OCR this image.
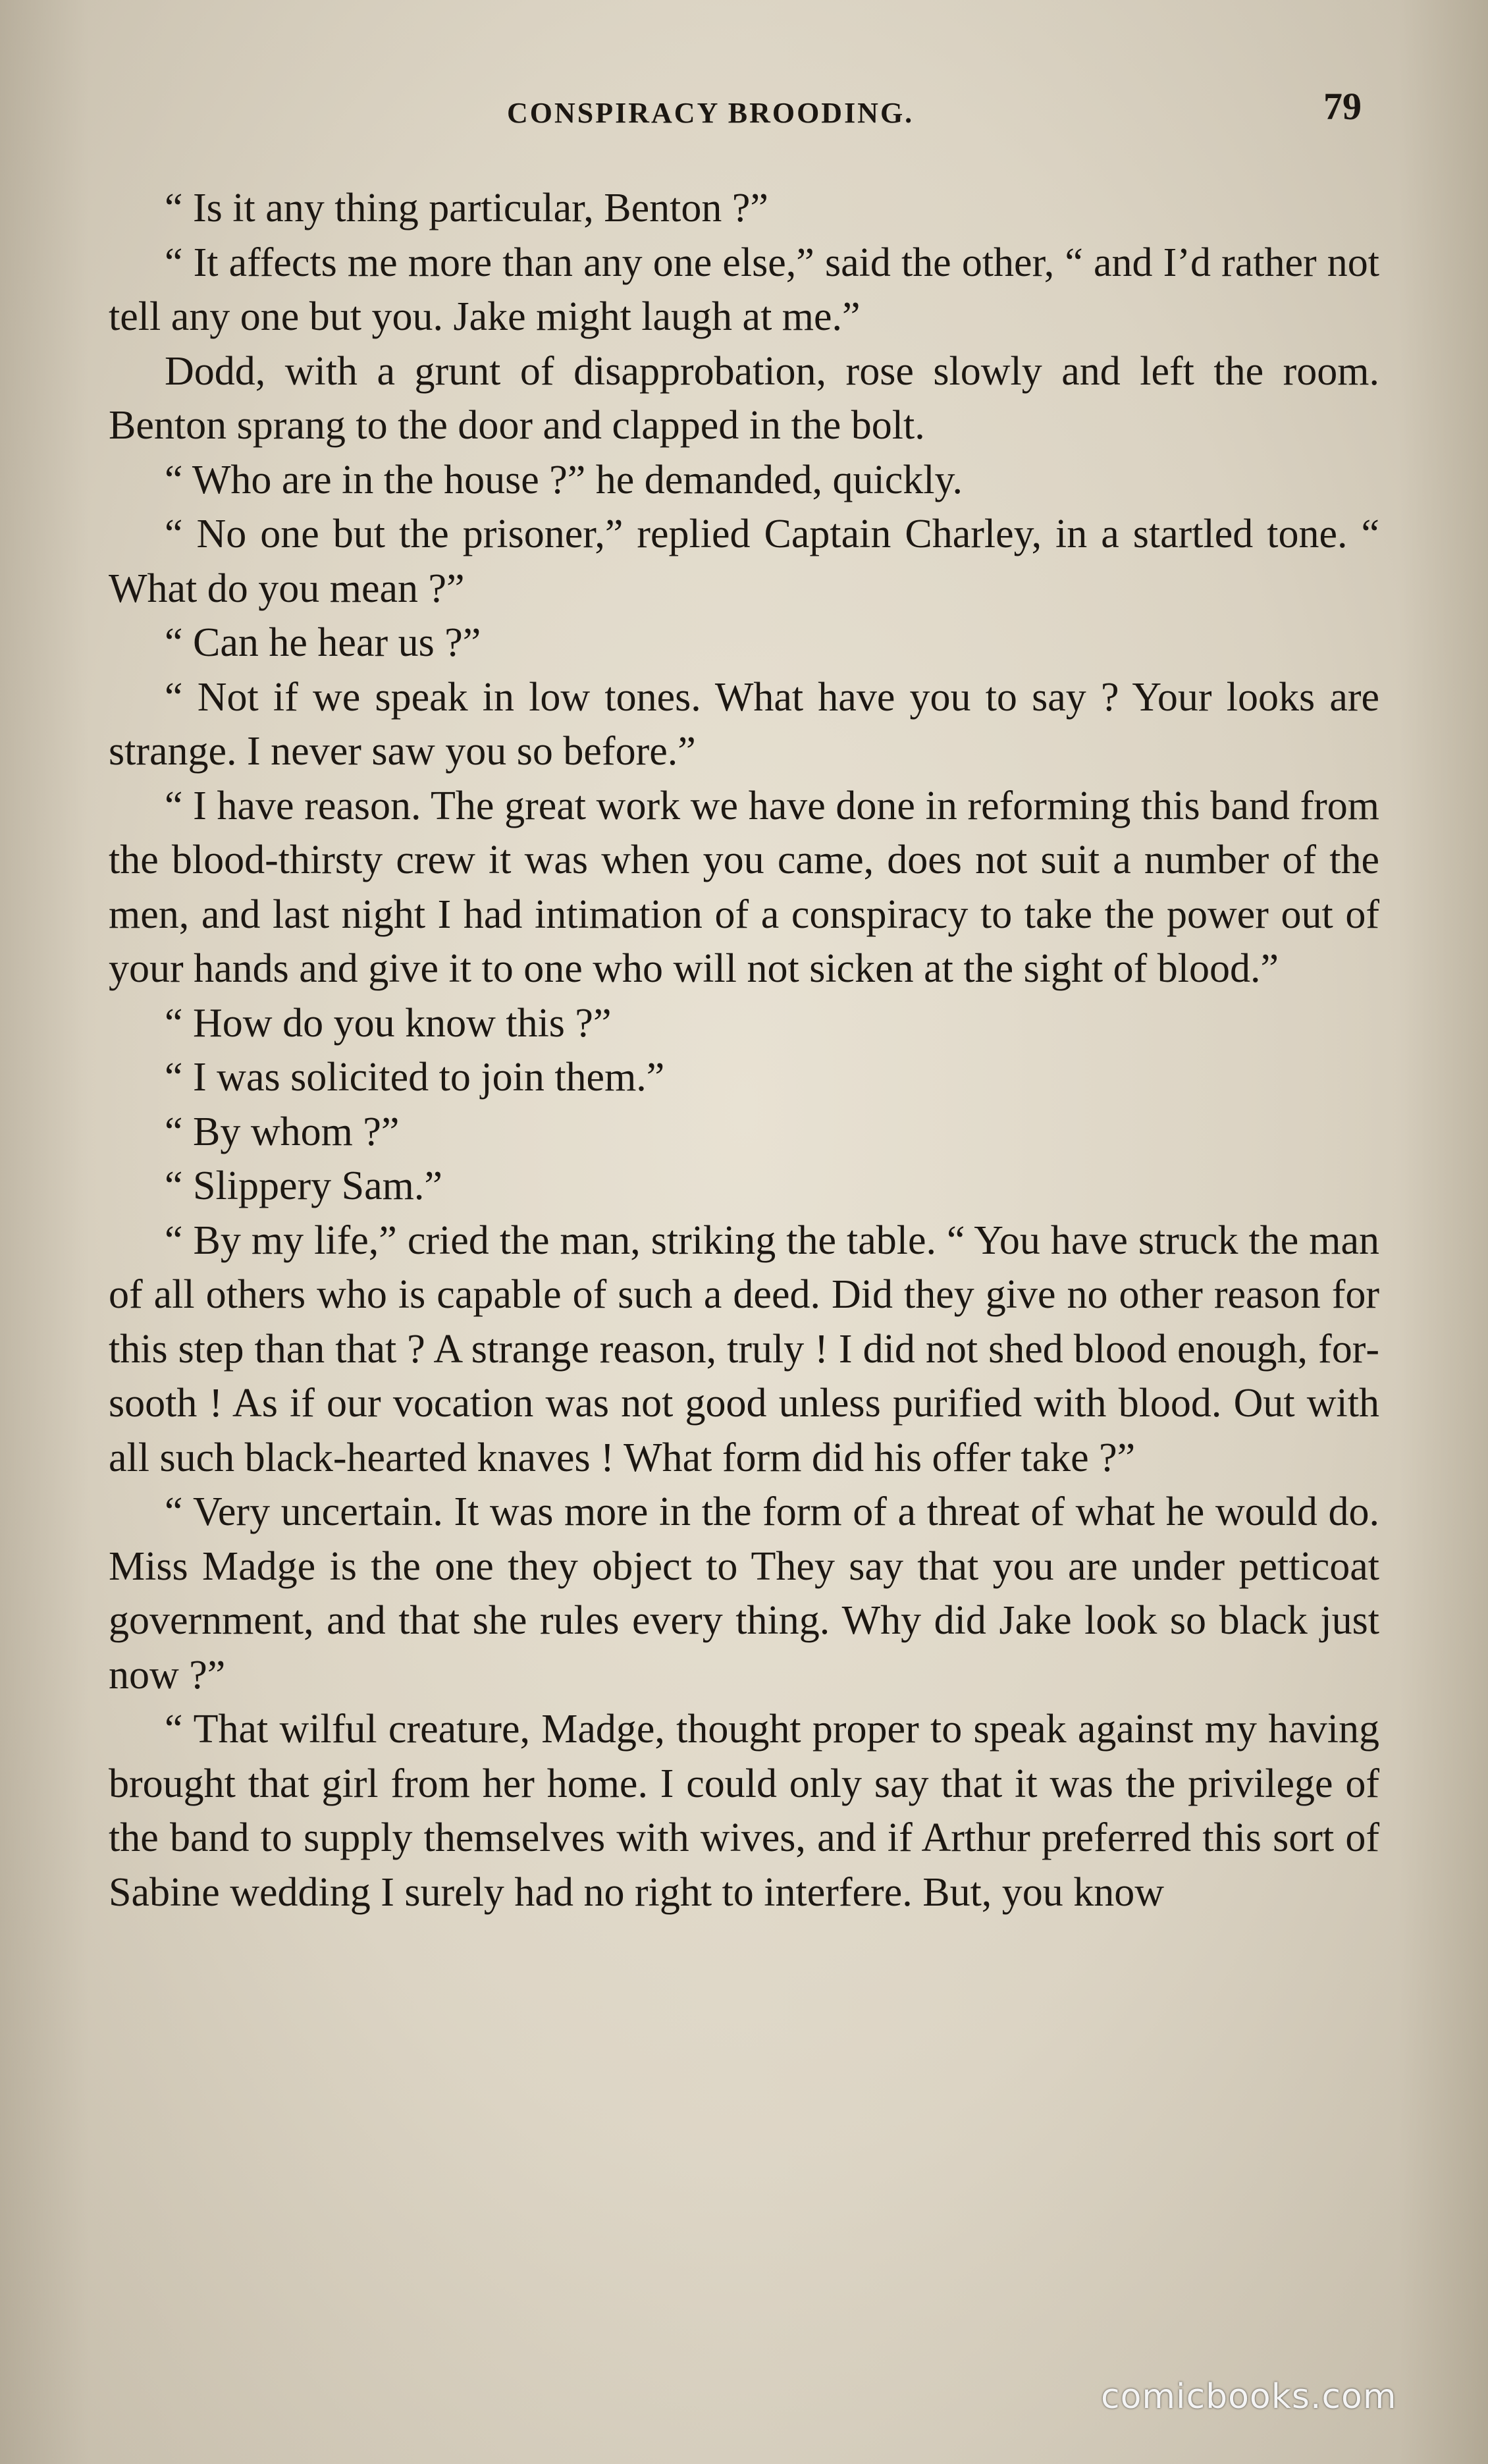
CONSPIRACY BROODING.	79

“ Is it any thing particular, Benton ?”

“ It affects me more than any one else,” said the other, “ and I’d rather not tell any one but you. Jake might laugh at me.”

Dodd, with a grunt of disapprobation, rose slowly and left the room. Benton sprang to the door and clapped in the bolt.

“ Who are in the house ?” he demanded, quickly.

“ No one but the prisoner,” replied Captain Charley, in a startled tone. “ What do you mean ?”

“ Can he hear us ?”

“ Not if we speak in low tones. What have you to say ? Your looks are strange. I never saw you so before.”

“ I have reason. The great work we have done in reforming this band from the blood-thirsty crew it was when you came, does not suit a number of the men, and last night I had intimation of a conspiracy to take the power out of your hands and give it to one who will not sicken at the sight of blood.”

“ How do you know this ?”

“ I was solicited to join them.”

“ By whom ?”

“ Slippery Sam.”

“ By my life,” cried the man, striking the table. “ You have struck the man of all others who is capable of such a deed. Did they give no other reason for this step than that ? A strange reason, truly ! I did not shed blood enough, forsooth ! As if our vocation was not good unless purified with blood. Out with all such black-hearted knaves ! What form did his offer take ?”

“ Very uncertain. It was more in the form of a threat of what he would do. Miss Madge is the one they object to They say that you are under petticoat government, and that she rules every thing. Why did Jake look so black just now ?”

“ That wilful creature, Madge, thought proper to speak against my having brought that girl from her home. I could only say that it was the privilege of the band to supply themselves with wives, and if Arthur preferred this sort of Sabine wedding I surely had no right to interfere. But, you know

comicbooks.com
